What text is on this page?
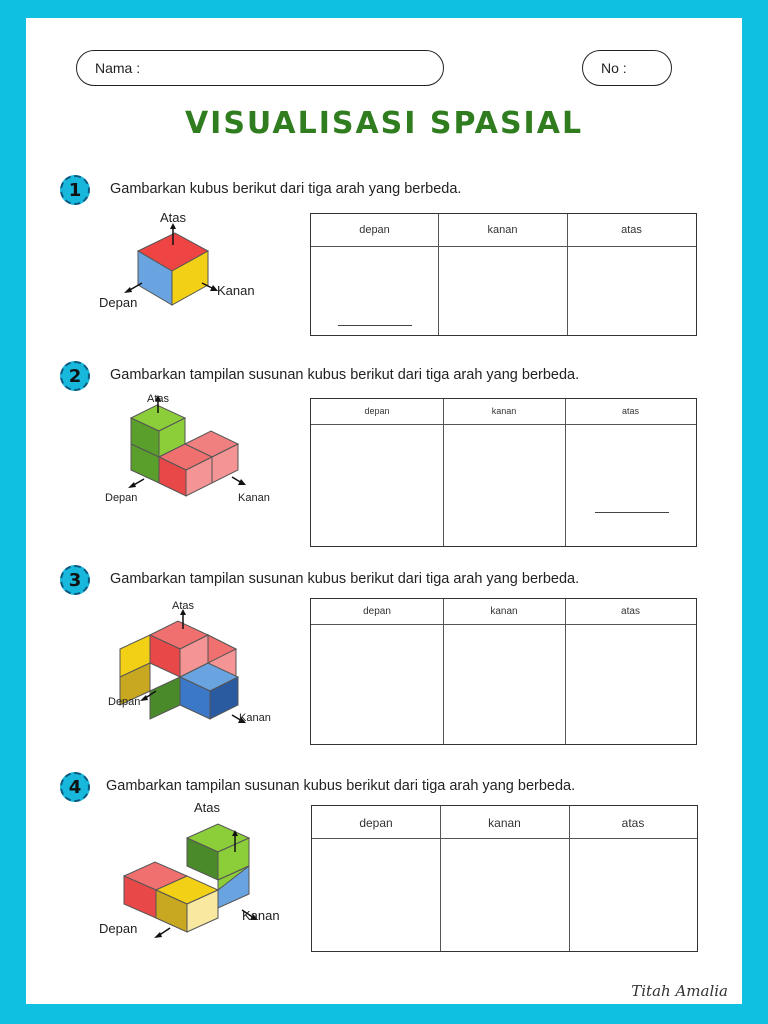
Nama :	No :
VISUALISASI SPASIAL
1	Gambarkan kubus berikut dari tiga arah yang berbeda.
Atas
Depan
Kanan
depan	kanan	atas
2	Gambarkan tampilan susunan kubus berikut dari tiga arah yang berbeda.
Atas
Depan	Kanan
depan	kanan	atas
3	Gambarkan tampilan susunan kubus berikut dari tiga arah yang berbeda.
Atas
Depan
Kanan
depan	kanan	atas
4	Gambarkan tampilan susunan kubus berikut dari tiga arah yang berbeda.
Atas
Depan
Kanan
depan	kanan	atas
Titah Amalia
